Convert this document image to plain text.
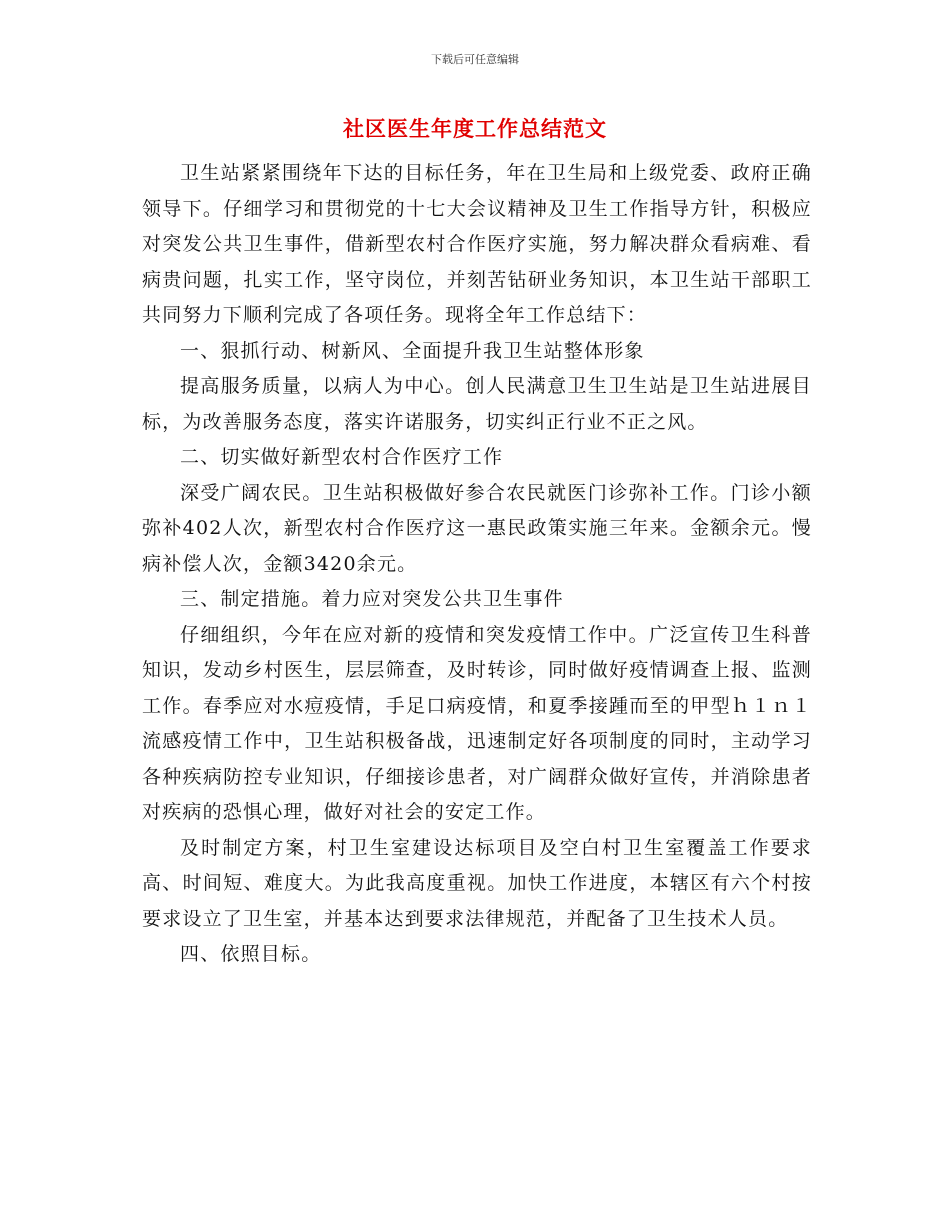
下载后可任意编辑
社区医生年度工作总结范文

卫生站紧紧围绕年下达的目标任务，年在卫生局和上级党委、政府正确领导下。仔细学习和贯彻党的十七大会议精神及卫生工作指导方针，积极应对突发公共卫生事件，借新型农村合作医疗实施，努力解决群众看病难、看病贵问题，扎实工作，坚守岗位，并刻苦钻研业务知识，本卫生站干部职工共同努力下顺利完成了各项任务。现将全年工作总结下：

一、狠抓行动、树新风、全面提升我卫生站整体形象

提高服务质量，以病人为中心。创人民满意卫生卫生站是卫生站进展目标，为改善服务态度，落实许诺服务，切实纠正行业不正之风。

二、切实做好新型农村合作医疗工作

深受广阔农民。卫生站积极做好参合农民就医门诊弥补工作。门诊小额弥补402人次，新型农村合作医疗这一惠民政策实施三年来。金额余元。慢病补偿人次，金额3420余元。

三、制定措施。着力应对突发公共卫生事件

仔细组织，今年在应对新的疫情和突发疫情工作中。广泛宣传卫生科普知识，发动乡村医生，层层筛查，及时转诊，同时做好疫情调查上报、监测工作。春季应对水痘疫情，手足口病疫情，和夏季接踵而至的甲型ｈ１ｎ１流感疫情工作中，卫生站积极备战，迅速制定好各项制度的同时，主动学习各种疾病防控专业知识，仔细接诊患者，对广阔群众做好宣传，并消除患者对疾病的恐惧心理，做好对社会的安定工作。

及时制定方案，村卫生室建设达标项目及空白村卫生室覆盖工作要求高、时间短、难度大。为此我高度重视。加快工作进度，本辖区有六个村按要求设立了卫生室，并基本达到要求法律规范，并配备了卫生技术人员。

四、依照目标。
